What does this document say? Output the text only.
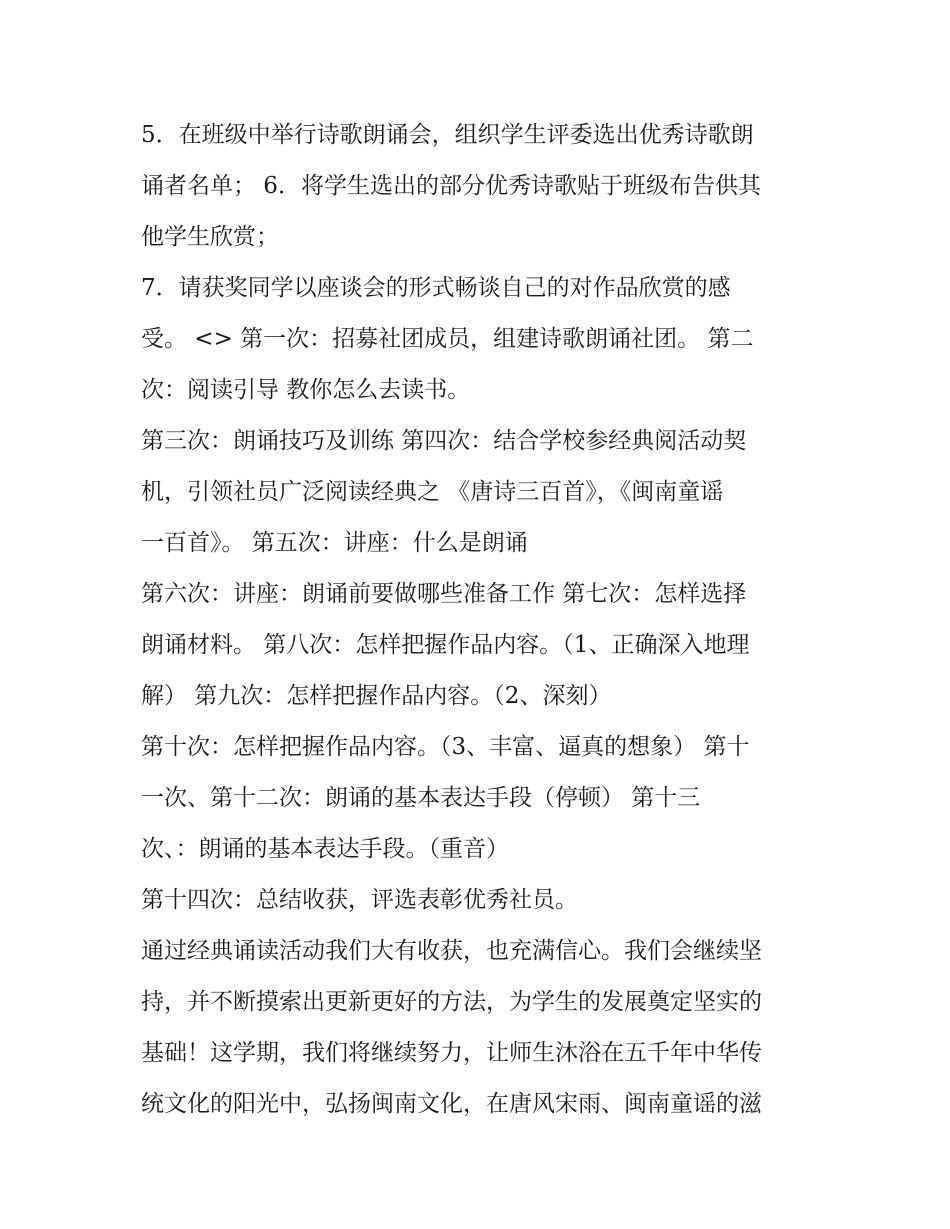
5．在班级中举行诗歌朗诵会，组织学生评委选出优秀诗歌朗
诵者名单； 6．将学生选出的部分优秀诗歌贴于班级布告供其
他学生欣赏；
7．请获奖同学以座谈会的形式畅谈自己的对作品欣赏的感
受。 <> 第一次：招募社团成员，组建诗歌朗诵社团。 第二
次：阅读引导 教你怎么去读书。
第三次：朗诵技巧及训练 第四次：结合学校参经典阅活动契
机，引领社员广泛阅读经典之 《唐诗三百首》，《闽南童谣
一百首》。 第五次：讲座：什么是朗诵
第六次：讲座：朗诵前要做哪些准备工作 第七次：怎样选择
朗诵材料。 第八次：怎样把握作品内容。（1、正确深入地理
解） 第九次：怎样把握作品内容。（2、深刻）
第十次：怎样把握作品内容。（3、丰富、逼真的想象） 第十
一次、第十二次：朗诵的基本表达手段（停顿） 第十三
次、：朗诵的基本表达手段。（重音）
第十四次：总结收获，评选表彰优秀社员。
通过经典诵读活动我们大有收获，也充满信心。我们会继续坚
持，并不断摸索出更新更好的方法，为学生的发展奠定坚实的
基础！这学期，我们将继续努力，让师生沐浴在五千年中华传
统文化的阳光中，弘扬闽南文化，在唐风宋雨、闽南童谣的滋
